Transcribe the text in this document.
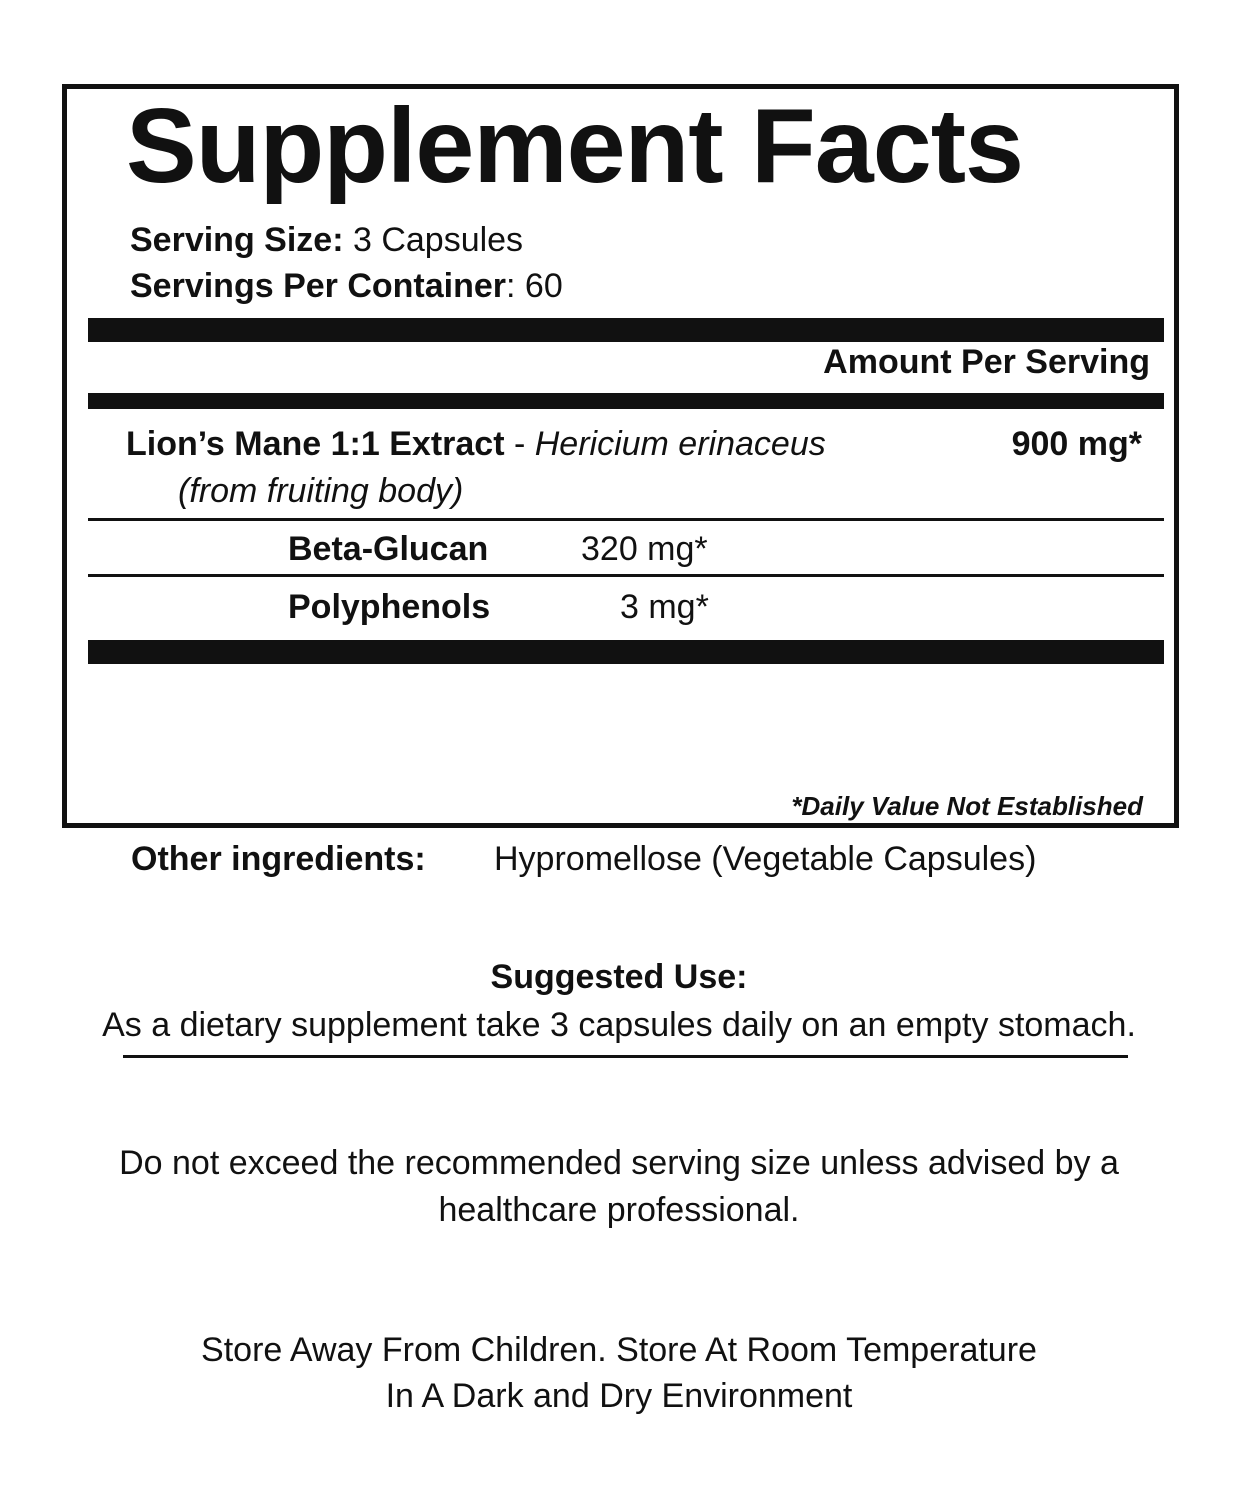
Supplement Facts
Serving Size: 3 Capsules
Servings Per Container: 60
Amount Per Serving
Lion’s Mane 1:1 Extract - Hericium erinaceus	900 mg*
(from fruiting body)
Beta-Glucan	320 mg*
Polyphenols	3 mg*
*Daily Value Not Established
Other ingredients: Hypromellose (Vegetable Capsules)
Suggested Use:
As a dietary supplement take 3 capsules daily on an empty stomach.
Do not exceed the recommended serving size unless advised by a
healthcare professional.
Store Away From Children. Store At Room Temperature
In A Dark and Dry Environment
